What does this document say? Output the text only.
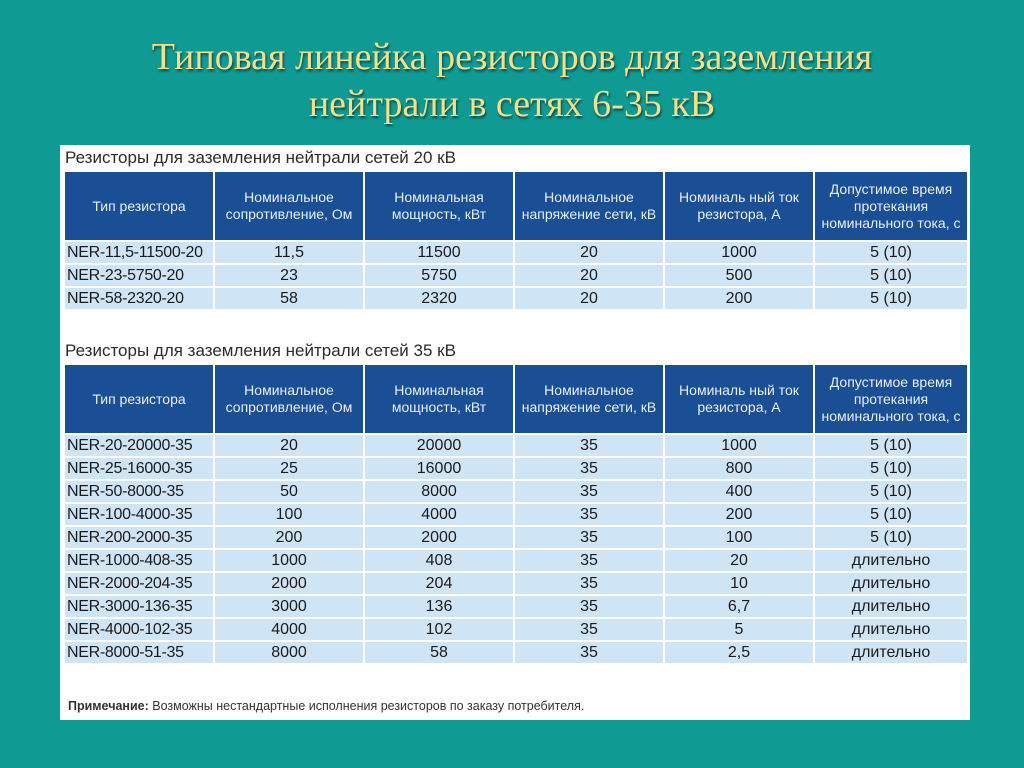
Типовая линейка резисторов для заземления
нейтрали в сетях 6-35 кВ
Резисторы для заземления нейтрали сетей 20 кВ
Тип резистора	Номинальное сопротивление, Ом	Номинальная мощность, кВт	Номинальное напряжение сети, кВ	Номиналь ный ток резистора, А	Допустимое время протекания номинального тока, с
NER-11,5-11500-20	11,5	11500	20	1000	5 (10)
NER-23-5750-20	23	5750	20	500	5 (10)
NER-58-2320-20	58	2320	20	200	5 (10)
Резисторы для заземления нейтрали сетей 35 кВ
Тип резистора	Номинальное сопротивление, Ом	Номинальная мощность, кВт	Номинальное напряжение сети, кВ	Номиналь ный ток резистора, А	Допустимое время протекания номинального тока, с
NER-20-20000-35	20	20000	35	1000	5 (10)
NER-25-16000-35	25	16000	35	800	5 (10)
NER-50-8000-35	50	8000	35	400	5 (10)
NER-100-4000-35	100	4000	35	200	5 (10)
NER-200-2000-35	200	2000	35	100	5 (10)
NER-1000-408-35	1000	408	35	20	длительно
NER-2000-204-35	2000	204	35	10	длительно
NER-3000-136-35	3000	136	35	6,7	длительно
NER-4000-102-35	4000	102	35	5	длительно
NER-8000-51-35	8000	58	35	2,5	длительно
Примечание: Возможны нестандартные исполнения резисторов по заказу потребителя.
